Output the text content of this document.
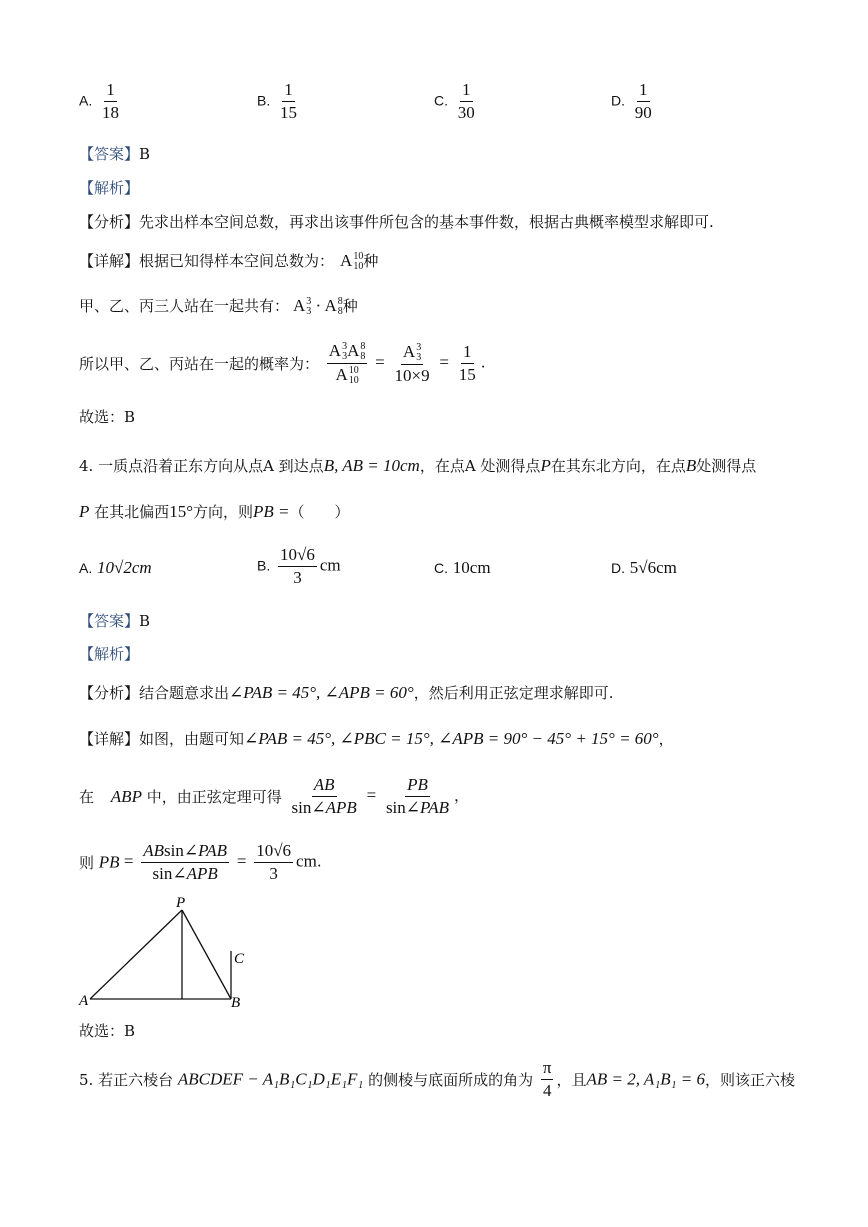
A. $\frac{1}{18}$	B. $\frac{1}{15}$	C. $\frac{1}{30}$	D. $\frac{1}{90}$
【答案】B
【解析】
【分析】先求出样本空间总数，再求出该事件所包含的基本事件数，根据古典概率模型求解即可.
【详解】根据已知得样本空间总数为： A 10
10 种
甲、乙、丙三人站在一起共有： A 3
3 · A 8
8 种
所以甲、乙、丙站在一起的概率为： A 3
3 A 8
8
A 10
10 = A 3
3
$10\times 9 = \frac{1}{15}$ .
故选：B
4. 一质点沿着正东方向从点A 到达点B, AB = 10cm，在点A 处测得点P在其东北方向，在点B处测得点
P 在其北偏西15°方向，则PB =（　　）
A. 10√2cm	B. $\frac{10√6}{3}$ cm	C. 10cm	D. 5√6cm
【答案】B
【解析】
【分析】结合题意求出∠PAB = 45°, ∠APB = 60°，然后利用正弦定理求解即可.
【详解】如图，由题可知∠PAB = 45°, ∠PBC = 15°, ∠APB = 90° − 45° + 15° = 60°，
在 ABP 中，由正弦定理可得 $\frac{AB}{\text{sin∠APB}} = \frac{PB}{\text{sin∠PAB}}$ ，
则 PB = $\frac{\text{ABsin∠PAB}}{\text{sin∠APB}} = \frac{10√6}{3}$ cm.
P
A	B
C
故选：B
5. 若正六棱台 ABCDEF − A₁B₁C₁D₁E₁F₁ 的侧棱与底面所成的角为 $\frac{\pi}{4}$ ，且AB = 2, A₁B₁ = 6，则该正六棱
